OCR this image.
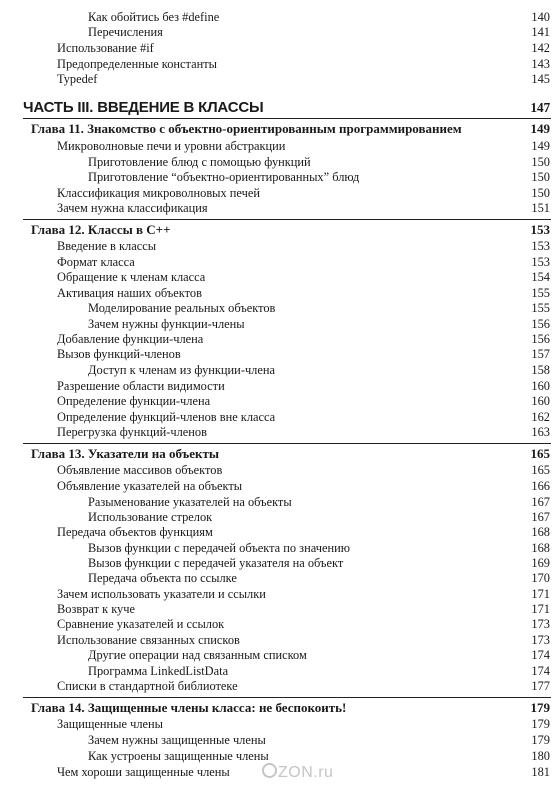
Как обойтись без #define	140
Перечисления	141
Использование #if	142
Предопределенные константы	143
Typedef	145
ЧАСТЬ III. ВВЕДЕНИЕ В КЛАССЫ	147
Глава 11. Знакомство с объектно-ориентированным программированием	149
Микроволновые печи и уровни абстракции	149
Приготовление блюд с помощью функций	150
Приготовление “объектно-ориентированных” блюд	150
Классификация микроволновых печей	150
Зачем нужна классификация	151
Глава 12. Классы в С++	153
Введение в классы	153
Формат класса	153
Обращение к членам класса	154
Активация наших объектов	155
Моделирование реальных объектов	155
Зачем нужны функции-члены	156
Добавление функции-члена	156
Вызов функций-членов	157
Доступ к членам из функции-члена	158
Разрешение области видимости	160
Определение функции-члена	160
Определение функций-членов вне класса	162
Перегрузка функций-членов	163
Глава 13. Указатели на объекты	165
Объявление массивов объектов	165
Объявление указателей на объекты	166
Разыменование указателей на объекты	167
Использование стрелок	167
Передача объектов функциям	168
Вызов функции с передачей объекта по значению	168
Вызов функции с передачей указателя на объект	169
Передача объекта по ссылке	170
Зачем использовать указатели и ссылки	171
Возврат к куче	171
Сравнение указателей и ссылок	173
Использование связанных списков	173
Другие операции над связанным списком	174
Программа LinkedListData	174
Списки в стандартной библиотеке	177
Глава 14. Защищенные члены класса: не беспокоить!	179
Защищенные члены	179
Зачем нужны защищенные члены	179
Как устроены защищенные члены	180
Чем хороши защищенные члены	181
ZON.ru
